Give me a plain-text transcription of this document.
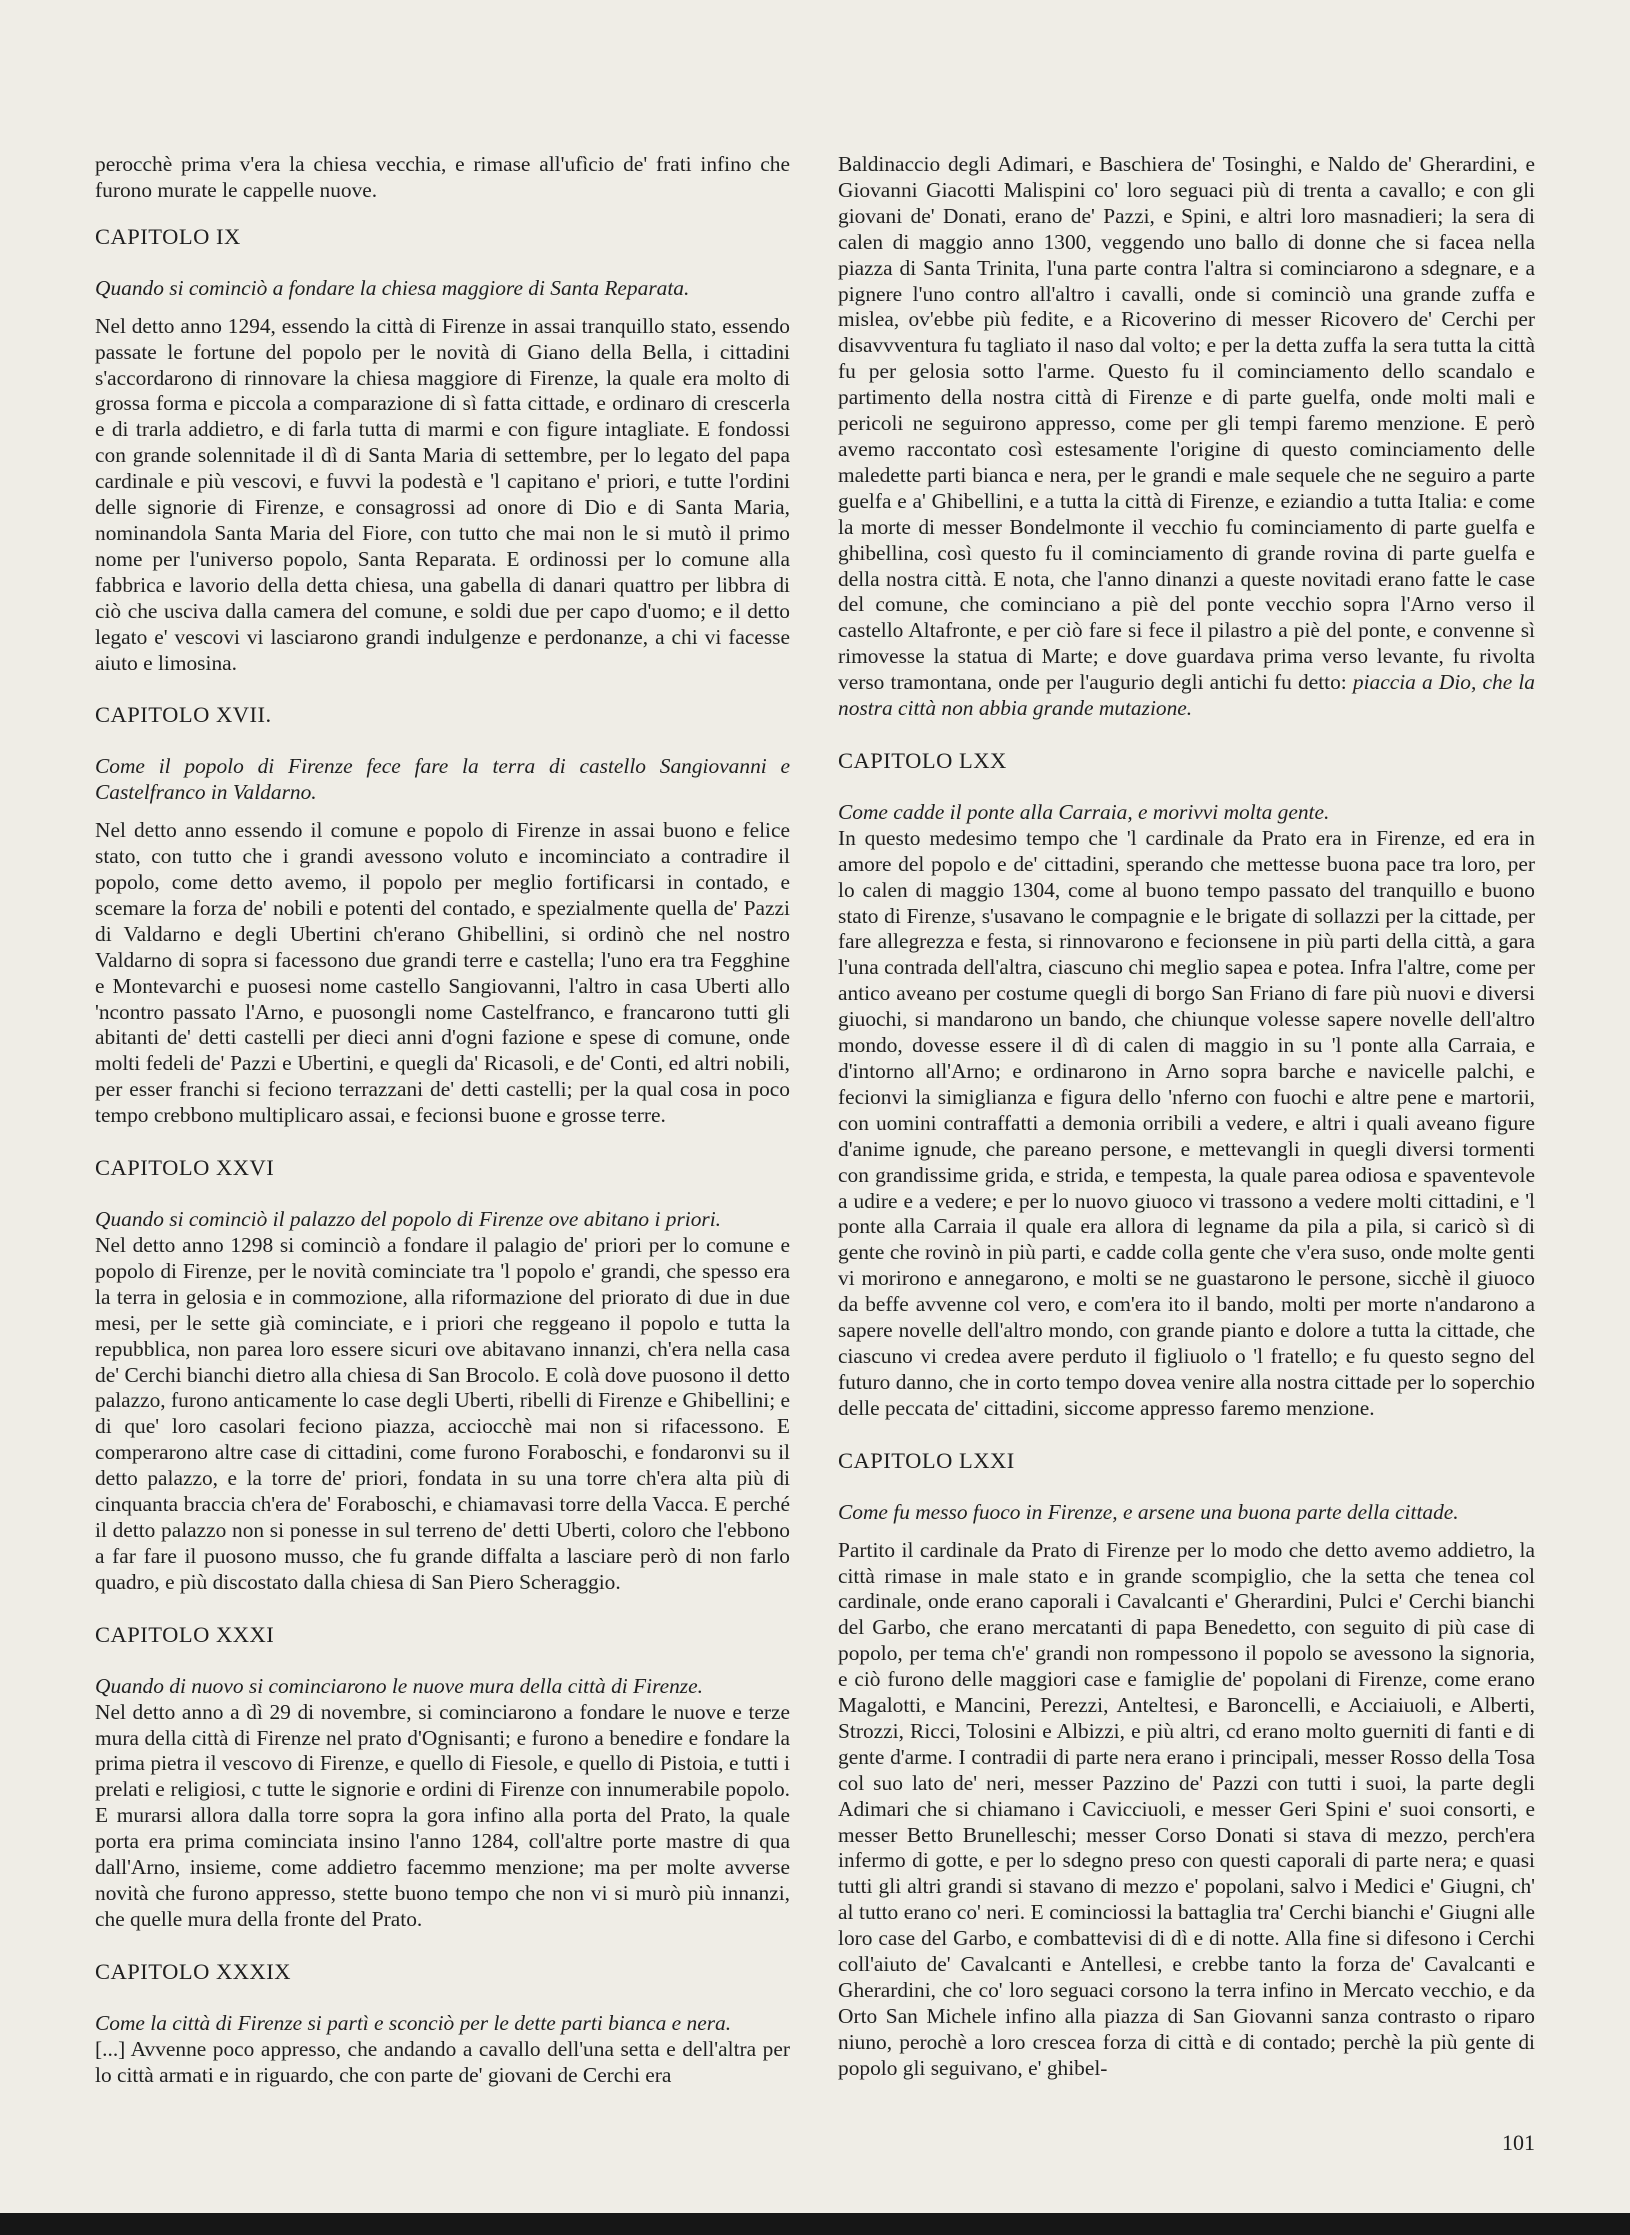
perocchè prima v'era la chiesa vecchia, e rimase all'ufìcio de' frati infino che furono murate le cappelle nuove.

CAPITOLO IX

Quando si cominciò a fondare la chiesa maggiore di Santa Reparata.

Nel detto anno 1294, essendo la città di Firenze in assai tranquillo stato, essendo passate le fortune del popolo per le novità di Giano della Bella, i cittadini s'accordarono di rinnovare la chiesa maggiore di Firenze, la quale era molto di grossa forma e piccola a comparazione di sì fatta cittade, e ordinaro di crescerla e di trarla addietro, e di farla tutta di marmi e con figure intagliate. E fondossi con grande solennitade il dì di Santa Maria di settembre, per lo legato del papa cardinale e più vescovi, e fuvvi la podestà e 'l capitano e' priori, e tutte l'ordini delle signorie di Firenze, e consagrossi ad onore di Dio e di Santa Maria, nominandola Santa Maria del Fiore, con tutto che mai non le si mutò il primo nome per l'universo popolo, Santa Reparata. E ordinossi per lo comune alla fabbrica e lavorio della detta chiesa, una gabella di danari quattro per libbra di ciò che usciva dalla camera del comune, e soldi due per capo d'uomo; e il detto legato e' vescovi vi lasciarono grandi indulgenze e perdonanze, a chi vi facesse aiuto e limosina.

CAPITOLO XVII.

Come il popolo di Firenze fece fare la terra di castello Sangiovanni e Castelfranco in Valdarno.

Nel detto anno essendo il comune e popolo di Firenze in assai buono e felice stato, con tutto che i grandi avessono voluto e incominciato a contradire il popolo, come detto avemo, il popolo per meglio fortificarsi in contado, e scemare la forza de' nobili e potenti del contado, e spezialmente quella de' Pazzi di Valdarno e degli Ubertini ch'erano Ghibellini, si ordinò che nel nostro Valdarno di sopra si facessono due grandi terre e castella; l'uno era tra Fegghine e Montevarchi e puosesi nome castello Sangiovanni, l'altro in casa Uberti allo 'ncontro passato l'Arno, e puosongli nome Castelfranco, e francarono tutti gli abitanti de' detti castelli per dieci anni d'ogni fazione e spese di comune, onde molti fedeli de' Pazzi e Ubertini, e quegli da' Ricasoli, e de' Conti, ed altri nobili, per esser franchi si fecionо terrazzani de' detti castelli; per la qual cosa in poco tempo crebbono multiplicaro assai, e fecionsi buone e grosse terre.

CAPITOLO XXVI

Quando si cominciò il palazzo del popolo di Firenze ove abitano i priori.

Nel detto anno 1298 si cominciò a fondare il palagio de' priori per lo comune e popolo di Firenze, per le novità cominciate tra 'l popolo e' grandi, che spesso era la terra in gelosia e in commozione, alla riformazione del priorato di due in due mesi, per le sette già cominciate, e i priori che reggeano il popolo e tutta la repubblica, non parea loro essere sicuri ove abitavano innanzi, ch'era nella casa de' Cerchi bianchi dietro alla chiesa di San Brocolo. E colà dove puosono il detto palazzo, furono anticamente lo case degli Uberti, ribelli di Firenze e Ghibellini; e di que' loro casolari feciono piazza, acciocchè mai non si rifacessono. E comperarono altre case di cittadini, come furono Foraboschi, e fondaronvi su il detto palazzo, e la torre de' priori, fondata in su una torre ch'era alta più di cinquanta braccia ch'era de' Foraboschi, e chiamavasi torre della Vacca. E perché il detto palazzo non si ponesse in sul terreno de' detti Uberti, coloro che l'ebbono a far fare il puosono musso, che fu grande diffalta a lasciare però di non farlo quadro, e più discostato dalla chiesa di San Piero Scheraggio.

CAPITOLO XXXI

Quando di nuovo si cominciarono le nuove mura della città di Firenze.

Nel detto anno a dì 29 di novembre, si cominciarono a fondare le nuove e terze mura della città di Firenze nel prato d'Ognisanti; e furono a benedire e fondare la prima pietra il vescovo di Firenze, e quello di Fiesole, e quello di Pistoia, e tutti i prelati e religiosi, c tutte le signorie e ordini di Firenze con innumerabile popolo. E murarsi allora dalla torre sopra la gora infino alla porta del Prato, la quale porta era prima cominciata insino l'anno 1284, coll'altre porte mastre di qua dall'Arno, insieme, come addietro facemmo menzione; ma per molte avverse novità che furono appresso, stette buono tempo che non vi si murò più innanzi, che quelle mura della fronte del Prato.

CAPITOLO XXXIX

Come la città di Firenze si partì e sconciò per le dette parti bianca e nera.

[...] Avvenne poco appresso, che andando a cavallo dell'una setta e dell'altra per lo città armati e in riguardo, che con parte de' giovani de Cerchi era

Baldinaccio degli Adimari, e Baschiera de' Tosinghi, e Naldo de' Gherardini, e Giovanni Giacotti Malispini co' loro seguaci più di trenta a cavallo; e con gli giovani de' Donati, erano de' Pazzi, e Spini, e altri loro masnadieri; la sera di calen di maggio anno 1300, veggendo uno ballo di donne che si facea nella piazza di Santa Trinita, l'una parte contra l'altra si cominciarono a sdegnare, e a pignere l'uno contro all'altro i cavalli, onde si cominciò una grande zuffa e mislea, ov'ebbe più fedite, e a Ricoverino di messer Ricovero de' Cerchi per disavvventura fu tagliato il naso dal volto; e per la detta zuffa la sera tutta la città fu per gelosia sotto l'arme. Questo fu il cominciamento dello scandalo e partimento della nostra città di Firenze e di parte guelfa, onde molti mali e pericoli ne seguirono appresso, come per gli tempi faremo menzione. E però avemo raccontato così estesamente l'origine di questo cominciamento delle maledette parti bianca e nera, per le grandi e male sequele che ne seguiro a parte guelfa e a' Ghibellini, e a tutta la città di Firenze, e eziandio a tutta Italia: e come la morte di messer Bondelmonte il vecchio fu cominciamento di parte guelfa e ghibellina, così questo fu il cominciamento di grande rovina di parte guelfa e della nostra città. E nota, che l'anno dinanzi a queste novitadi erano fatte le case del comune, che cominciano a piè del ponte vecchio sopra l'Arno verso il castello Altafronte, e per ciò fare si fece il pilastro a piè del ponte, e convenne sì rimovesse la statua di Marte; e dove guardava prima verso levante, fu rivolta verso tramontana, onde per l'augurio degli antichi fu detto: piaccia a Dio, che la nostra città non abbia grande mutazione.

CAPITOLO LXX

Come cadde il ponte alla Carraia, e morivvi molta gente.

In questo medesimo tempo che 'l cardinale da Prato era in Firenze, ed era in amore del popolo e de' cittadini, sperando che mettesse buona pace tra loro, per lo calen di maggio 1304, come al buono tempo passato del tranquillo e buono stato di Firenze, s'usavano le compagnie e le brigate di sollazzi per la cittade, per fare allegrezza e festa, si rinnovarono e fecionsene in più parti della città, a gara l'una contrada dell'altra, ciascuno chi meglio sapea e potea. Infra l'altre, come per antico aveano per costume quegli di borgo San Friano di fare più nuovi e diversi giuochi, si mandarono un bando, che chiunque volesse sapere novelle dell'altro mondo, dovesse essere il dì di calen di maggio in su 'l ponte alla Carraia, e d'intorno all'Arno; e ordinarono in Arno sopra barche e navicelle palchi, e fecionvi la simiglianza e figura dello 'nferno con fuochi e altre pene e martorii, con uomini contraffatti a demonia orribili a vedere, e altri i quali aveano figure d'anime ignude, che pareano persone, e mettevangli in quegli diversi tormenti con grandissime grida, e strida, e tempesta, la quale parea odiosa e spaventevole a udire e a vedere; e per lo nuovo giuoco vi trassono a vedere molti cittadini, e 'l ponte alla Carraia il quale era allora di legname da pila a pila, si caricò sì di gente che rovinò in più parti, e cadde colla gente che v'era suso, onde molte genti vi morirono e annegarono, e molti se ne guastarono le persone, sicchè il giuoco da beffe avvenne col vero, e com'era ito il bando, molti per morte n'andarono a sapere novelle dell'altro mondo, con grande pianto e dolore a tutta la cittade, che ciascuno vi credea avere perduto il figliuolo o 'l fratello; e fu questo segno del futuro danno, che in corto tempo dovea venire alla nostra cittade per lo soperchio delle peccata de' cittadini, siccome appresso faremo menzione.

CAPITOLO LXXI

Come fu messo fuoco in Firenze, e arsene una buona parte della cittade.

Partito il cardinale da Prato di Firenze per lo modo che detto avemo addietro, la città rimase in male stato e in grande scompiglio, che la setta che tenea col cardinale, onde erano caporali i Cavalcanti e' Gherardini, Pulci e' Cerchi bianchi del Garbo, che erano mercatanti di papa Benedetto, con seguito di più case di popolo, per tema ch'e' grandi non rompessono il popolo se avessono la signoria, e ciò furono delle maggiori case e famiglie de' popolani di Firenze, come erano Magalotti, e Mancini, Perezzi, Anteltesi, e Baroncelli, e Acciaiuoli, e Alberti, Strozzi, Ricci, Tolosini e Albizzi, e più altri, cd erano molto guerniti di fanti e di gente d'arme. I contradii di parte nera erano i principali, messer Rosso della Tosa col suo lato de' neri, messer Pazzino de' Pazzi con tutti i suoi, la parte degli Adimari che si chiamano i Cavicciuoli, e messer Geri Spini e' suoi consorti, e messer Betto Brunelleschi; messer Corso Donati si stava di mezzo, perch'era infermo di gotte, e per lo sdegno preso con questi caporali di parte nera; e quasi tutti gli altri grandi si stavano di mezzo e' popolani, salvo i Medici e' Giugni, ch' al tutto erano co' neri. E cominciossi la battaglia tra' Cerchi bianchi e' Giugni alle loro case del Garbo, e combattevisi di dì e di notte. Alla fine si difesono i Cerchi coll'aiuto de' Cavalcanti e Antellesi, e crebbe tanto la forza de' Cavalcanti e Gherardini, che co' loro seguaci corsono la terra infino in Mercato vecchio, e da Orto San Michele infino alla piazza di San Giovanni sanza contrasto o riparo niuno, perochè a loro crescea forza di città e di contado; perchè la più gente di popolo gli seguivano, e' ghibel-

101
